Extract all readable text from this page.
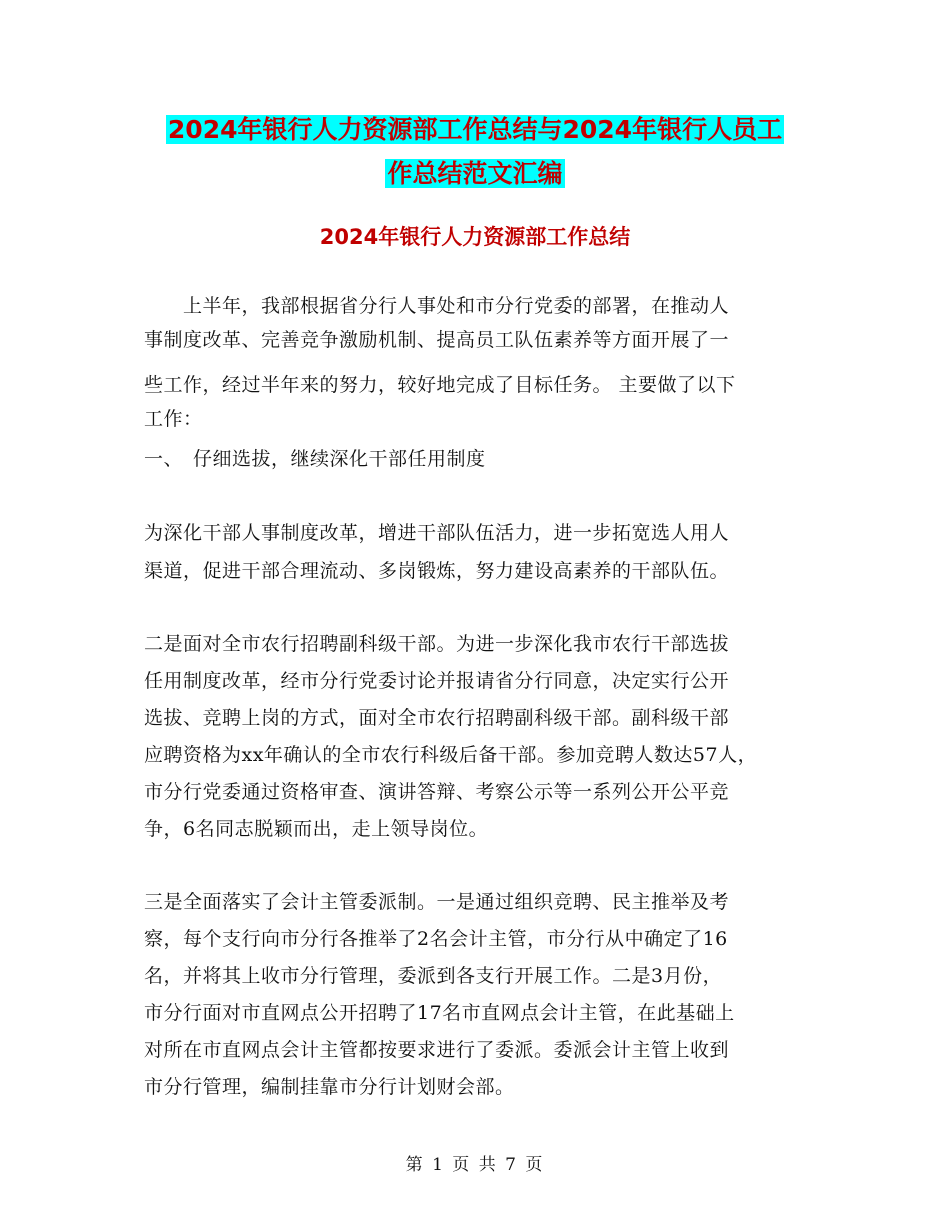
2024年银行人力资源部工作总结与2024年银行人员工
作总结范文汇编
2024年银行人力资源部工作总结
　　上半年，我部根据省分行人事处和市分行党委的部署，在推动人
事制度改革、完善竞争激励机制、提高员工队伍素养等方面开展了一
些工作，经过半年来的努力，较好地完成了目标任务。 主要做了以下
工作：
一、　仔细选拔，继续深化干部任用制度
为深化干部人事制度改革，增进干部队伍活力，进一步拓宽选人用人
渠道，促进干部合理流动、多岗锻炼，努力建设高素养的干部队伍。
二是面对全市农行招聘副科级干部。为进一步深化我市农行干部选拔
任用制度改革，经市分行党委讨论并报请省分行同意，决定实行公开
选拔、竞聘上岗的方式，面对全市农行招聘副科级干部。副科级干部
应聘资格为xx年确认的全市农行科级后备干部。参加竞聘人数达57人，
市分行党委通过资格审查、演讲答辩、考察公示等一系列公开公平竞
争，6名同志脱颖而出，走上领导岗位。
三是全面落实了会计主管委派制。一是通过组织竞聘、民主推举及考
察，每个支行向市分行各推举了2名会计主管，市分行从中确定了16
名，并将其上收市分行管理，委派到各支行开展工作。二是3月份，
市分行面对市直网点公开招聘了17名市直网点会计主管，在此基础上
对所在市直网点会计主管都按要求进行了委派。委派会计主管上收到
市分行管理，编制挂靠市分行计划财会部。
第 1 页 共 7 页
